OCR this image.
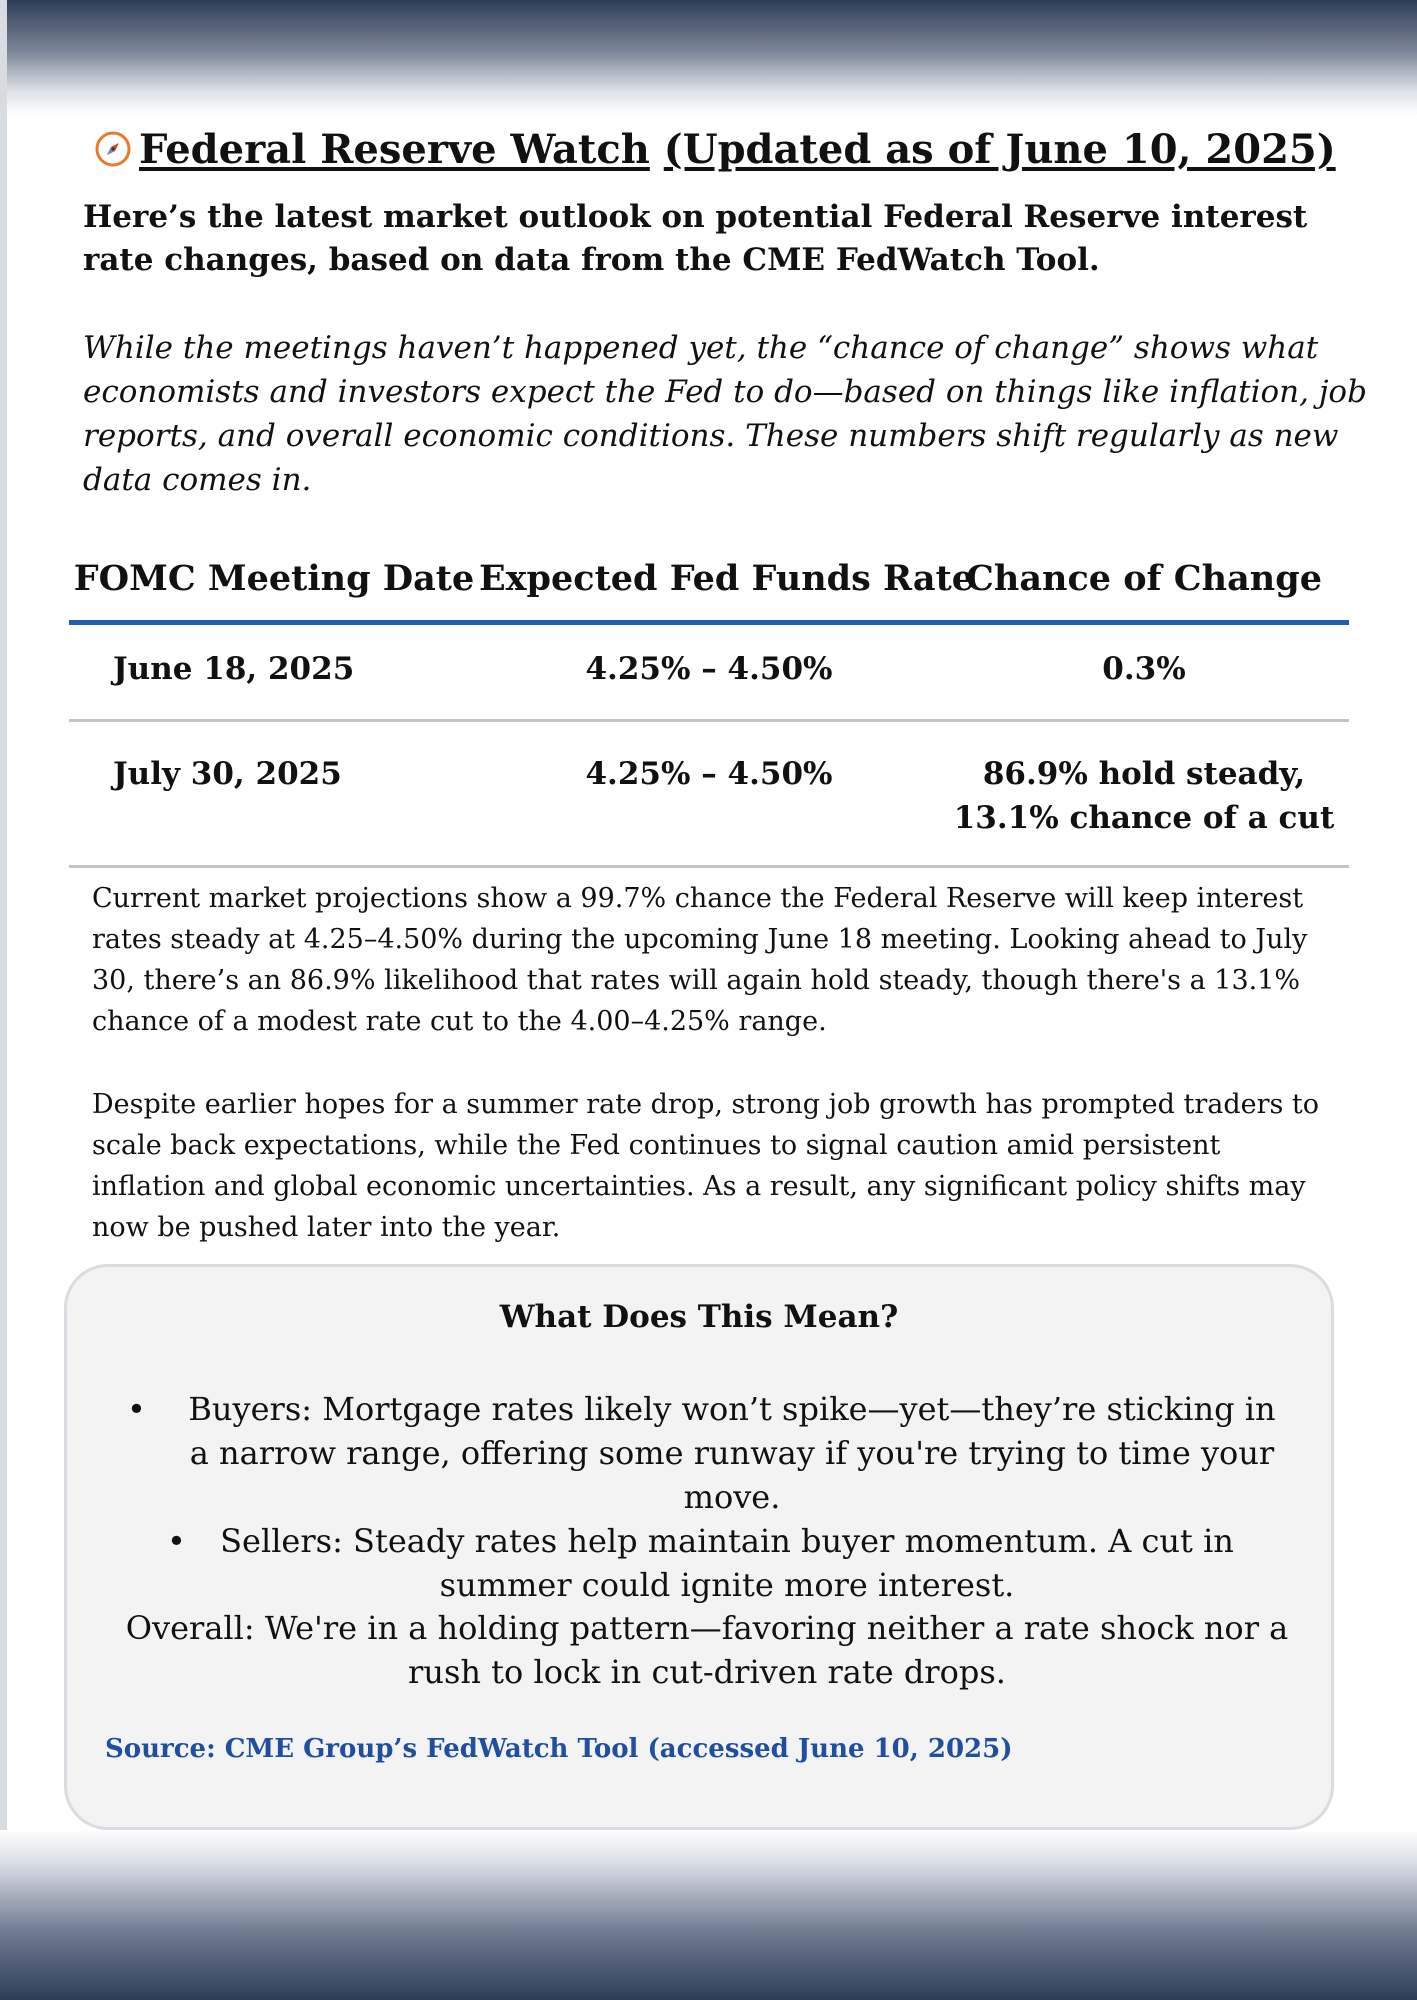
Federal Reserve Watch (Updated as of June 10, 2025)

Here’s the latest market outlook on potential Federal Reserve interest rate changes, based on data from the CME FedWatch Tool.

While the meetings haven’t happened yet, the “chance of change” shows what economists and investors expect the Fed to do—based on things like inflation, job reports, and overall economic conditions. These numbers shift regularly as new data comes in.

FOMC Meeting Date	Expected Fed Funds Rate	Chance of Change
June 18, 2025	4.25% – 4.50%	0.3%
July 30, 2025	4.25% – 4.50%	86.9% hold steady, 13.1% chance of a cut

Current market projections show a 99.7% chance the Federal Reserve will keep interest rates steady at 4.25–4.50% during the upcoming June 18 meeting. Looking ahead to July 30, there’s an 86.9% likelihood that rates will again hold steady, though there's a 13.1% chance of a modest rate cut to the 4.00–4.25% range.

Despite earlier hopes for a summer rate drop, strong job growth has prompted traders to scale back expectations, while the Fed continues to signal caution amid persistent inflation and global economic uncertainties. As a result, any significant policy shifts may now be pushed later into the year.

What Does This Mean?
• Buyers: Mortgage rates likely won’t spike—yet—they’re sticking in a narrow range, offering some runway if you're trying to time your move.
• Sellers: Steady rates help maintain buyer momentum. A cut in summer could ignite more interest.

Overall: We're in a holding pattern—favoring neither a rate shock nor a rush to lock in cut-driven rate drops.

Source: CME Group’s FedWatch Tool (accessed June 10, 2025)
